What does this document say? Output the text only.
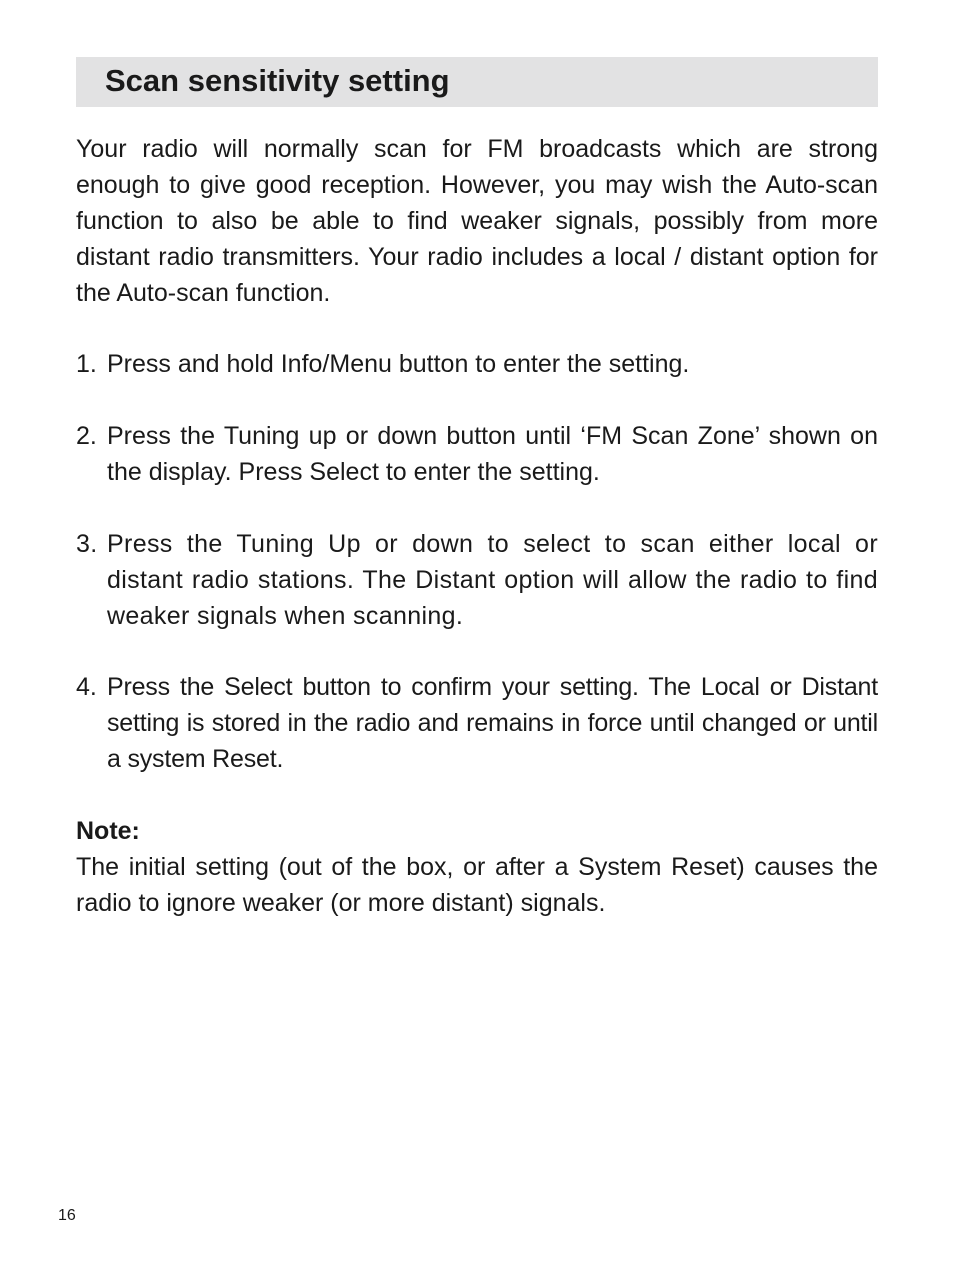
Scan sensitivity setting

Your radio will normally scan for FM broadcasts which are strong enough to give good reception. However, you may wish the Auto-scan function to also be able to find weaker signals, possibly from more distant radio transmitters. Your radio includes a local / distant option for the Auto-scan function.

1. Press and hold Info/Menu button to enter the setting.
2. Press the Tuning up or down button until ‘FM Scan Zone’ shown on the display. Press Select to enter the setting.
3. Press the Tuning Up or down to select to scan either local or distant radio stations. The Distant option will allow the radio to find weaker signals when scanning.
4. Press the Select button to confirm your setting. The Local or Distant setting is stored in the radio and remains in force until changed or until a system Reset.
Note:

The initial setting (out of the box, or after a System Reset) causes the radio to ignore weaker (or more distant) signals.

16
